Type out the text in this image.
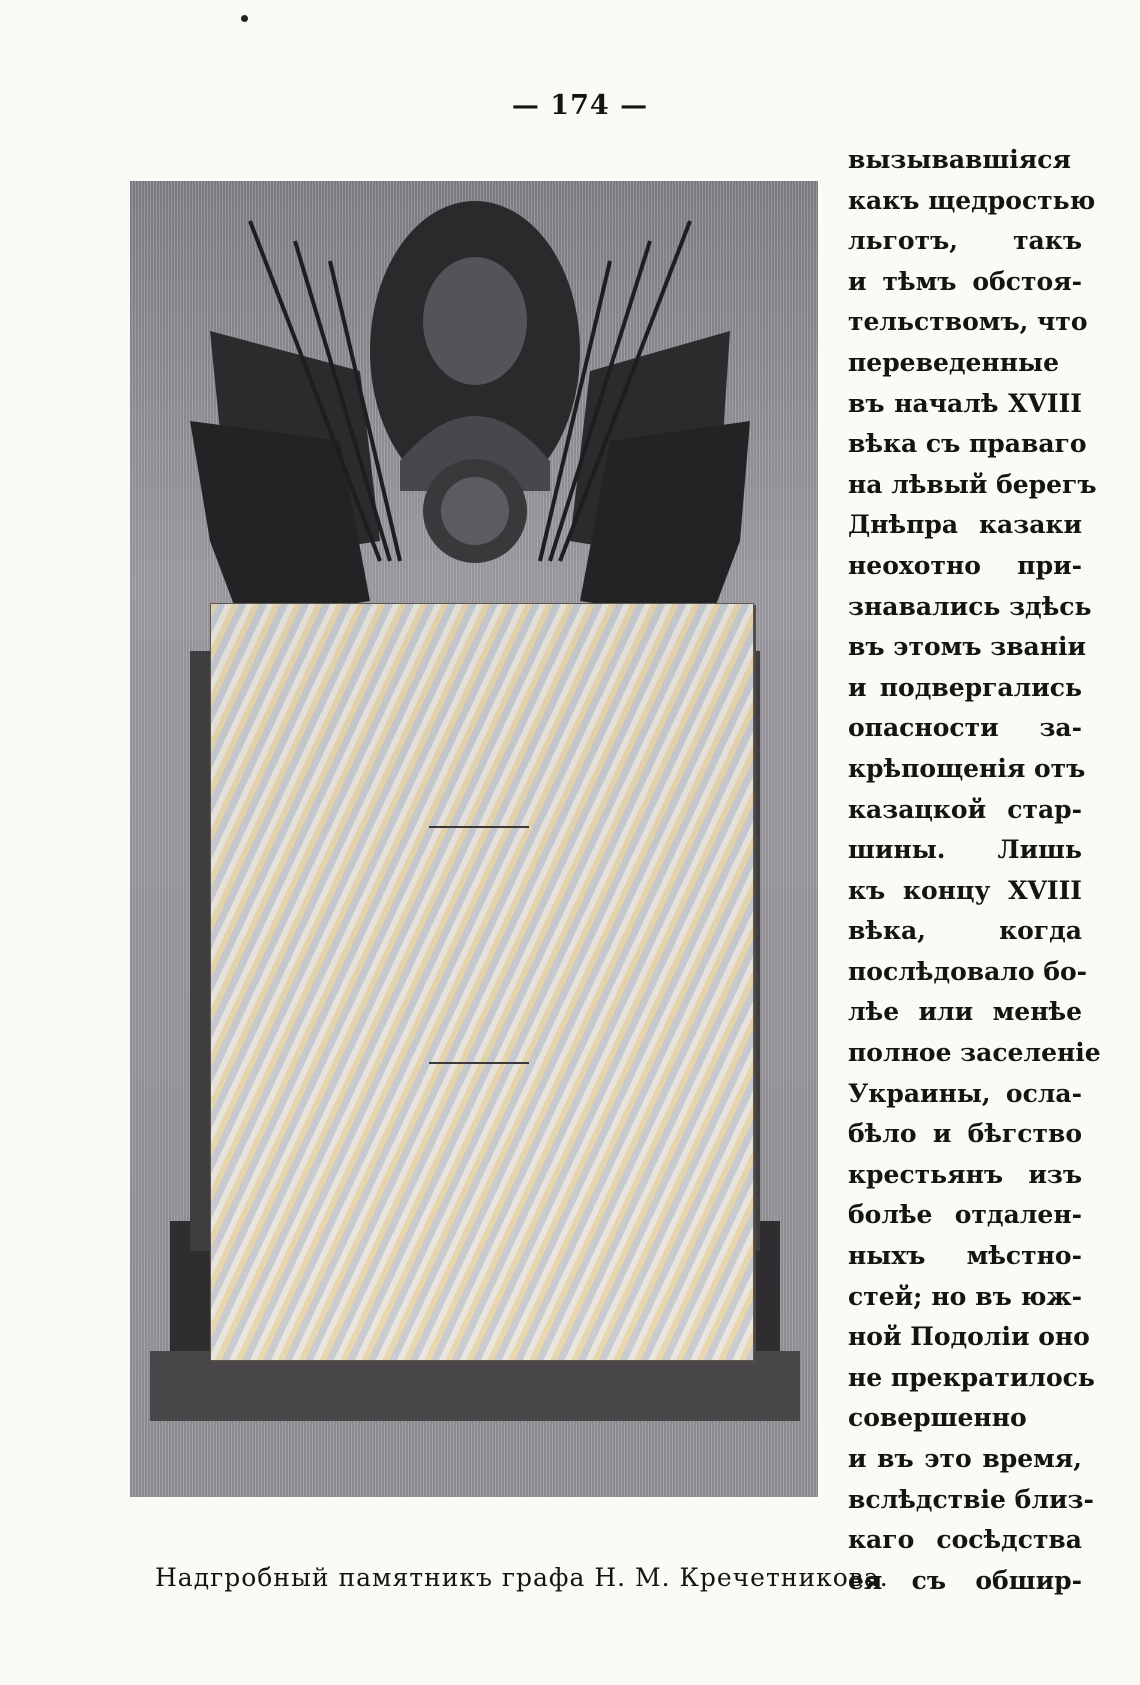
— 174 —
Надгробный памятникъ графа Н. М. Кречетникова.
вызывавшіяся
какъ щедростью
льготъ, такъ
и тѣмъ обстоя-
тельствомъ, что
переведенные
въ началѣ XVIII
вѣка съ праваго
на лѣвый берегъ
Днѣпра казаки
неохотно при-
знавались здѣсь
въ этомъ званіи
и подвергались
опасности за-
крѣпощенія отъ
казацкой стар-
шины. Лишь
къ концу XVIII
вѣка, когда
послѣдовало бо-
лѣе или менѣе
полное заселеніе
Украины, осла-
бѣло и бѣгство
крестьянъ изъ
болѣе отдален-
ныхъ мѣстно-
стей; но въ юж-
ной Подоліи оно
не прекратилось
совершенно
и въ это время,
вслѣдствіе близ-
каго сосѣдства
ея съ обшир-
